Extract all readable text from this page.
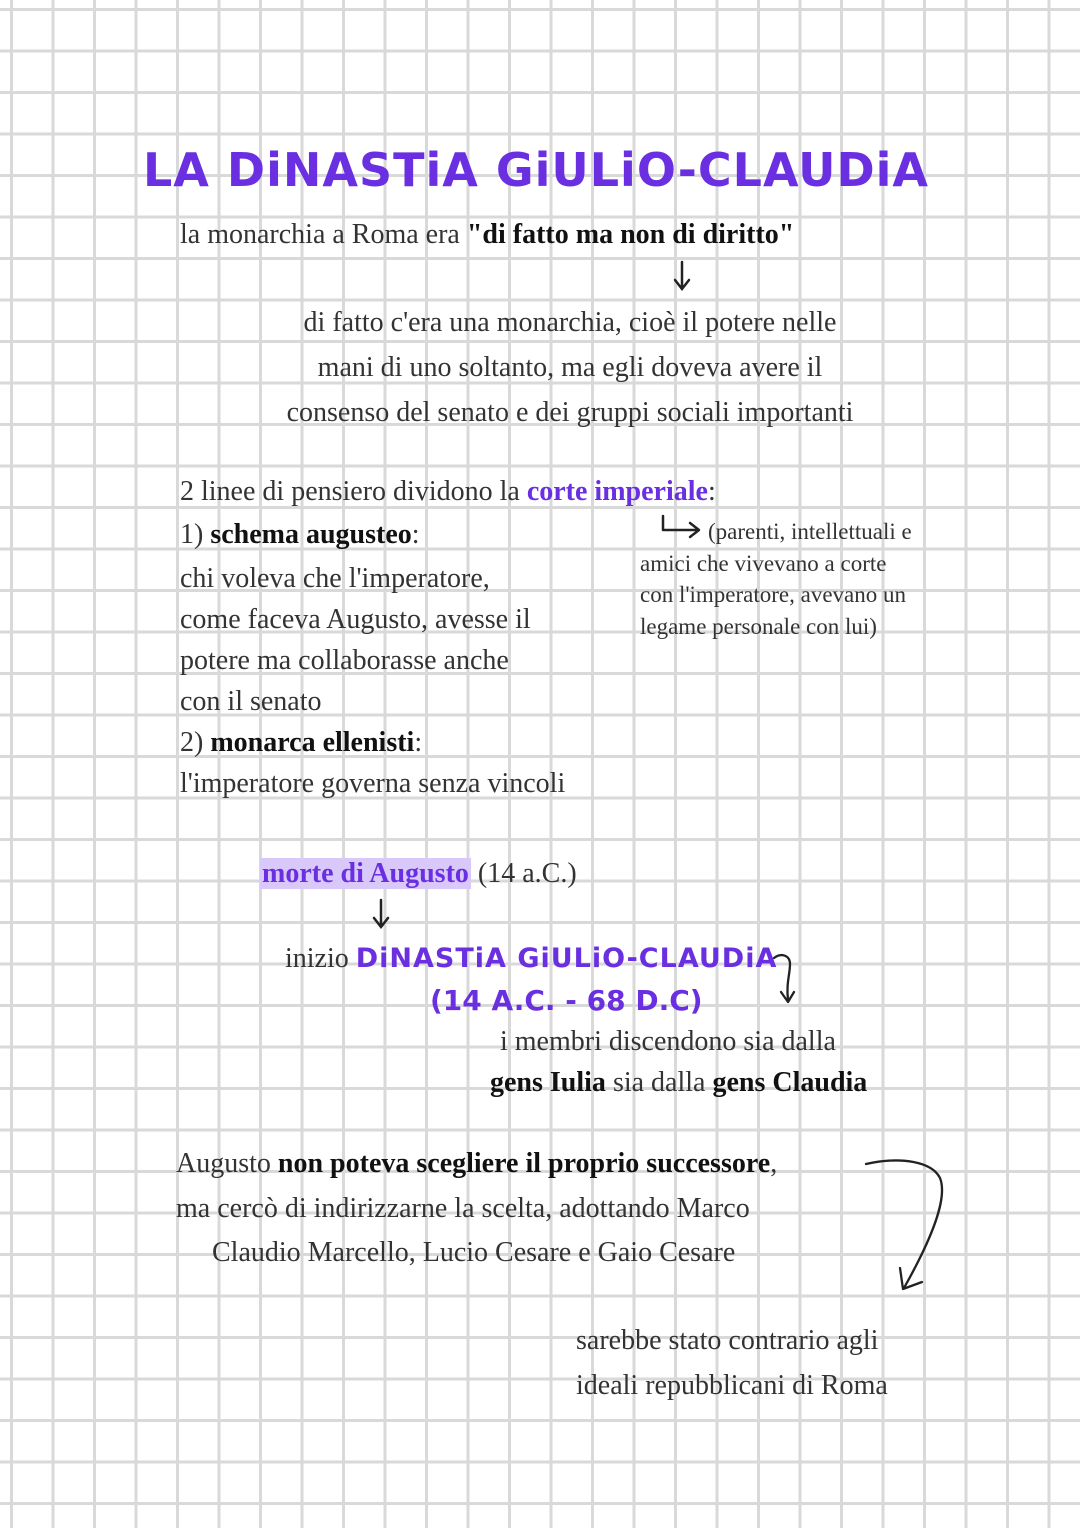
LA DiNASTiA GiULiO-CLAUDiA
la monarchia a Roma era "di fatto ma non di diritto"
di fatto c'era una monarchia, cioè il potere nelle
mani di uno soltanto, ma egli doveva avere il
consenso del senato e dei gruppi sociali importanti
2 linee di pensiero dividono la corte imperiale:
1) schema augusteo:
chi voleva che l'imperatore,
come faceva Augusto, avesse il
potere ma collaborasse anche
con il senato
(parenti, intellettuali e
amici che vivevano a corte
con l'imperatore, avevano un
legame personale con lui)
2) monarca ellenisti:
l'imperatore governa senza vincoli
morte di Augusto (14 a.C.)
inizio DiNASTiA GiULiO-CLAUDiA
(14 A.C. - 68 D.C)
i membri discendono sia dalla
gens Iulia sia dalla gens Claudia
Augusto non poteva scegliere il proprio successore,
ma cercò di indirizzarne la scelta, adottando Marco
Claudio Marcello, Lucio Cesare e Gaio Cesare
sarebbe stato contrario agli
ideali repubblicani di Roma
